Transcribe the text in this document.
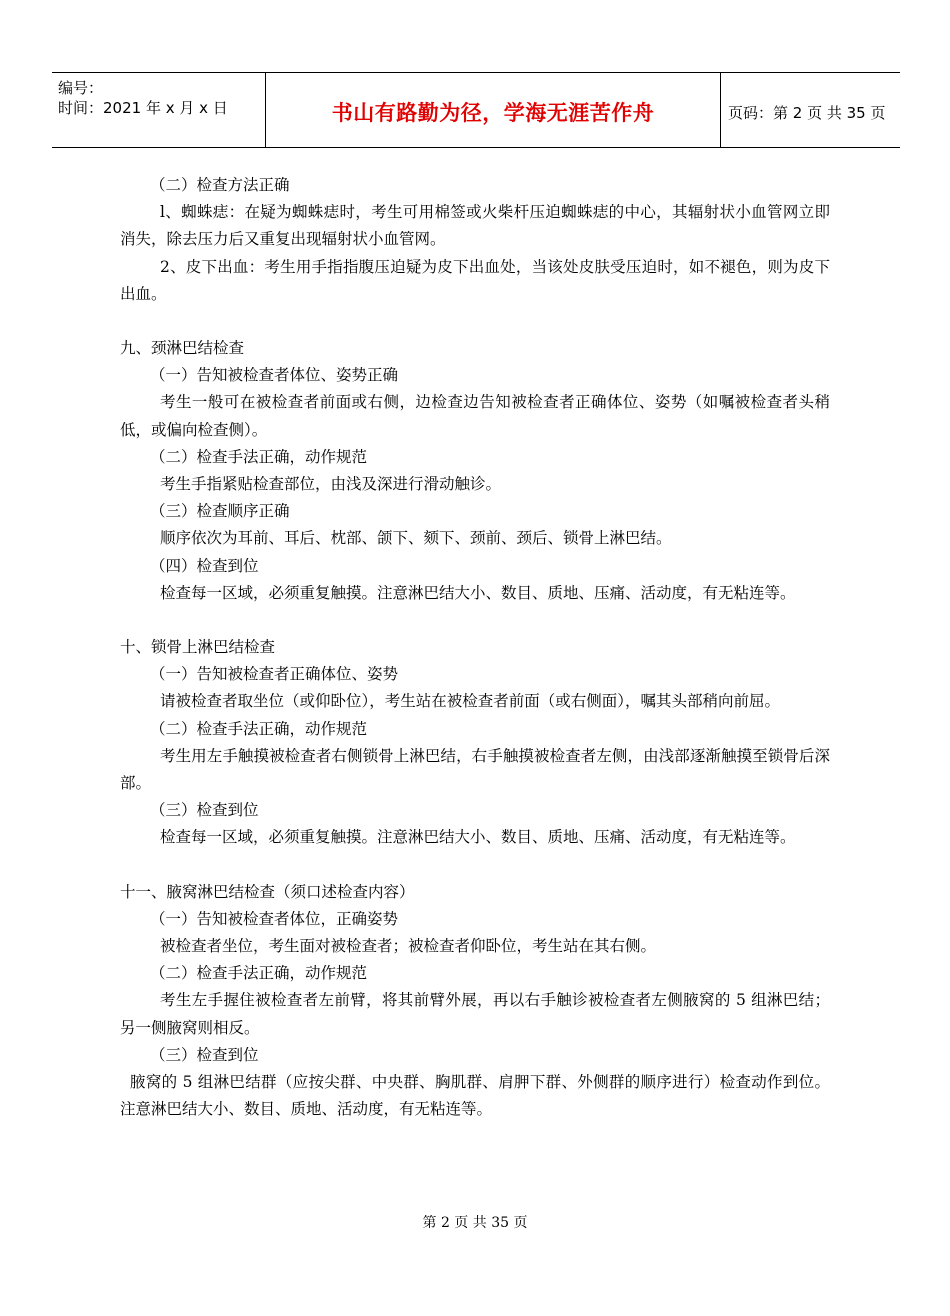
编号：
时间：2021 年 x 月 x 日	书山有路勤为径，学海无涯苦作舟	页码：第 2 页 共 35 页

（二）检查方法正确

l、蜘蛛痣：在疑为蜘蛛痣时，考生可用棉签或火柴杆压迫蜘蛛痣的中心，其辐射状小血管网立即消失，除去压力后又重复出现辐射状小血管网。

2、皮下出血：考生用手指指腹压迫疑为皮下出血处，当该处皮肤受压迫时，如不褪色，则为皮下出血。

九、颈淋巴结检查

（一）告知被检查者体位、姿势正确

考生一般可在被检查者前面或右侧，边检查边告知被检查者正确体位、姿势（如嘱被检查者头稍低，或偏向检查侧）。

（二）检查手法正确，动作规范

考生手指紧贴检查部位，由浅及深进行滑动触诊。

（三）检查顺序正确

顺序依次为耳前、耳后、枕部、颌下、颏下、颈前、颈后、锁骨上淋巴结。

（四）检查到位

检查每一区域，必须重复触摸。注意淋巴结大小、数目、质地、压痛、活动度，有无粘连等。

十、锁骨上淋巴结检查

（一）告知被检查者正确体位、姿势

请被检查者取坐位（或仰卧位），考生站在被检查者前面（或右侧面），嘱其头部稍向前屈。

（二）检查手法正确，动作规范

考生用左手触摸被检查者右侧锁骨上淋巴结，右手触摸被检查者左侧，由浅部逐渐触摸至锁骨后深部。

（三）检查到位

检查每一区域，必须重复触摸。注意淋巴结大小、数目、质地、压痛、活动度，有无粘连等。

十一、腋窝淋巴结检查（须口述检查内容）

（一）告知被检查者体位，正确姿势

被检查者坐位，考生面对被检查者；被检查者仰卧位，考生站在其右侧。

（二）检查手法正确，动作规范

考生左手握住被检查者左前臂，将其前臂外展，再以右手触诊被检查者左侧腋窝的 5 组淋巴结；另一侧腋窝则相反。

（三）检查到位

腋窝的 5 组淋巴结群（应按尖群、中央群、胸肌群、肩胛下群、外侧群的顺序进行）检查动作到位。注意淋巴结大小、数目、质地、活动度，有无粘连等。

第 2 页 共 35 页
